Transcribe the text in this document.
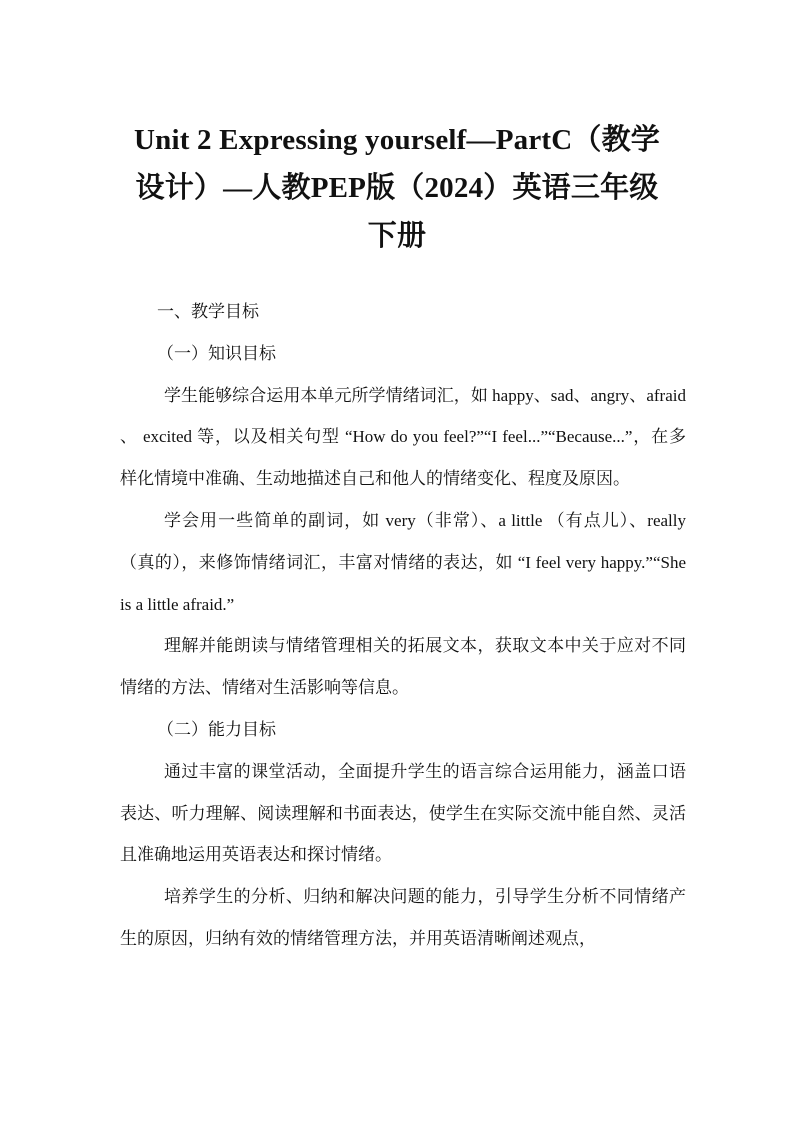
Unit 2 Expressing yourself—PartC（教学
设计）—人教PEP版（2024）英语三年级
下册

一、教学目标

（一）知识目标

学生能够综合运用本单元所学情绪词汇，如 happy、sad、angry、afraid 、 excited 等，以及相关句型 “How do you feel?”“I feel...”“Because...”，在多样化情境中准确、生动地描述自己和他人的情绪变化、程度及原因。

学会用一些简单的副词，如 very（非常）、a little （有点儿）、really（真的），来修饰情绪词汇，丰富对情绪的表达，如 “I feel very happy.”“She is a little afraid.”

理解并能朗读与情绪管理相关的拓展文本，获取文本中关于应对不同情绪的方法、情绪对生活影响等信息。

（二）能力目标

通过丰富的课堂活动，全面提升学生的语言综合运用能力，涵盖口语表达、听力理解、阅读理解和书面表达，使学生在实际交流中能自然、灵活且准确地运用英语表达和探讨情绪。

培养学生的分析、归纳和解决问题的能力，引导学生分析不同情绪产生的原因，归纳有效的情绪管理方法，并用英语清晰阐述观点，
